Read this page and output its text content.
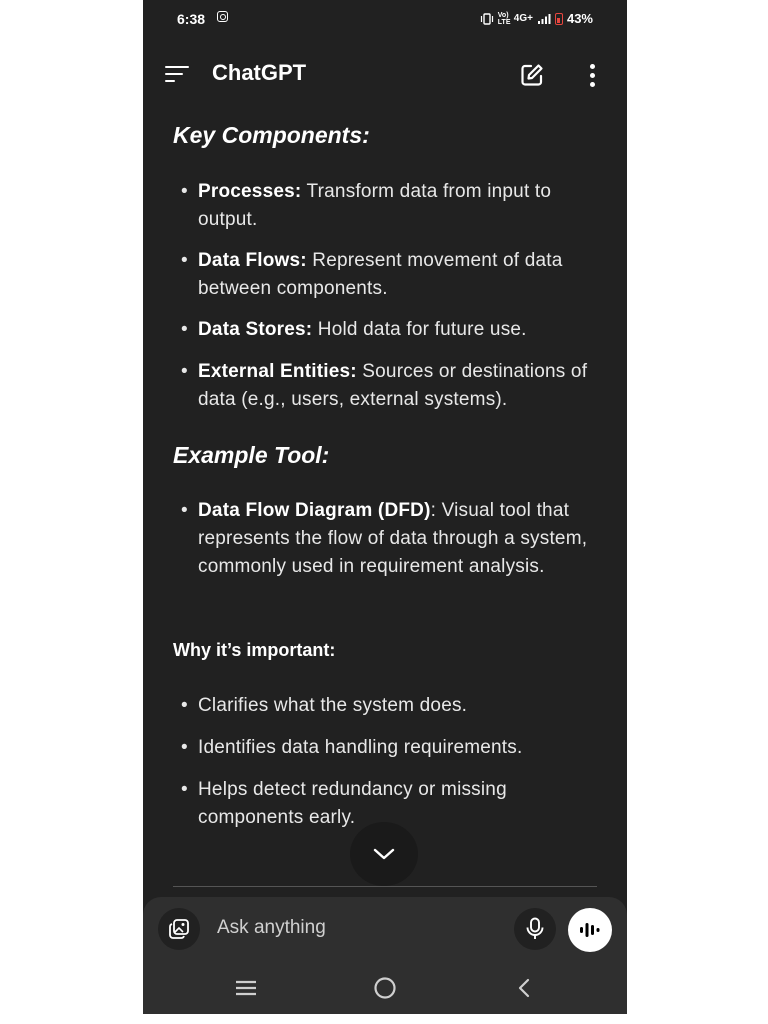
6:38	Vo) LTE 4G+	43%
ChatGPT
Key Components:
• Processes: Transform data from input to output.
• Data Flows: Represent movement of data between components.
• Data Stores: Hold data for future use.
• External Entities: Sources or destinations of data (e.g., users, external systems).
Example Tool:
• Data Flow Diagram (DFD): Visual tool that represents the flow of data through a system, commonly used in requirement analysis.
Why it’s important:
• Clarifies what the system does.
• Identifies data handling requirements.
• Helps detect redundancy or missing components early.
Ask anything
